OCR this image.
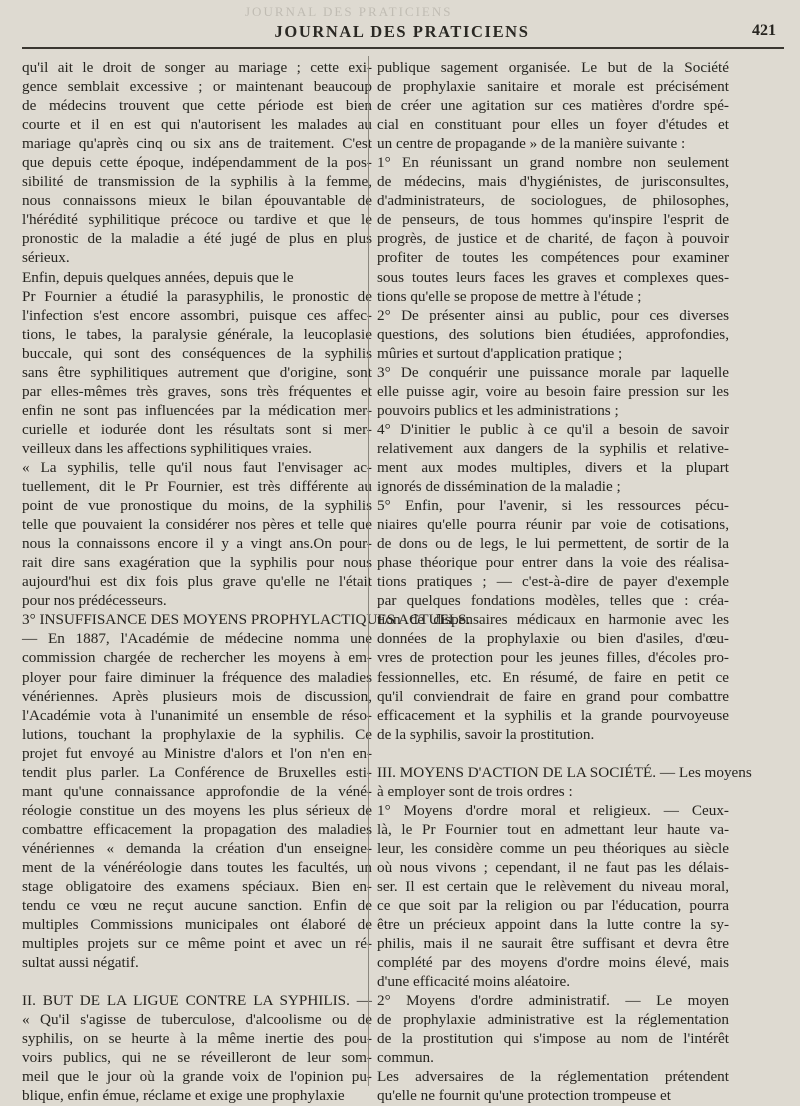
JOURNAL DES PRATICIENS
JOURNAL DES PRATICIENS	421
qu'il ait le droit de songer au mariage ; cette exi-
gence semblait excessive ; or maintenant beaucoup
de médecins trouvent que cette période est bien
courte et il en est qui n'autorisent les malades au
mariage qu'après cinq ou six ans de traitement. C'est
que depuis cette époque, indépendamment de la pos-
sibilité de transmission de la syphilis à la femme,
nous connaissons mieux le bilan épouvantable de
l'hérédité syphilitique précoce ou tardive et que le
pronostic de la maladie a été jugé de plus en plus
sérieux.
Enfin, depuis quelques années, depuis que le
Pr Fournier a étudié la parasyphilis, le pronostic de
l'infection s'est encore assombri, puisque ces affec-
tions, le tabes, la paralysie générale, la leucoplasie
buccale, qui sont des conséquences de la syphilis
sans être syphilitiques autrement que d'origine, sont
par elles-mêmes très graves, sons très fréquentes et
enfin ne sont pas influencées par la médication mer-
curielle et iodurée dont les résultats sont si mer-
veilleux dans les affections syphilitiques vraies.
« La syphilis, telle qu'il nous faut l'envisager ac-
tuellement, dit le Pr Fournier, est très différente au
point de vue pronostique du moins, de la syphilis
telle que pouvaient la considérer nos pères et telle que
nous la connaissons encore il y a vingt ans.On pour-
rait dire sans exagération que la syphilis pour nous
aujourd'hui est dix fois plus grave qu'elle ne l'était
pour nos prédécesseurs.
3° INSUFFISANCE DES MOYENS PROPHYLACTIQUES ACTUELS.
— En 1887, l'Académie de médecine nomma une
commission chargée de rechercher les moyens à em-
ployer pour faire diminuer la fréquence des maladies
vénériennes. Après plusieurs mois de discussion,
l'Académie vota à l'unanimité un ensemble de réso-
lutions, touchant la prophylaxie de la syphilis. Ce
projet fut envoyé au Ministre d'alors et l'on n'en en-
tendit plus parler. La Conférence de Bruxelles esti-
mant qu'une connaissance approfondie de la véné-
réologie constitue un des moyens les plus sérieux de
combattre efficacement la propagation des maladies
vénériennes « demanda la création d'un enseigne-
ment de la vénéréologie dans toutes les facultés, un
stage obligatoire des examens spéciaux. Bien en-
tendu ce vœu ne reçut aucune sanction. Enfin de
multiples Commissions municipales ont élaboré de
multiples projets sur ce même point et avec un ré-
sultat aussi négatif.
II. BUT DE LA LIGUE CONTRE LA SYPHILIS. —
« Qu'il s'agisse de tuberculose, d'alcoolisme ou de
syphilis, on se heurte à la même inertie des pou-
voirs publics, qui ne se réveilleront de leur som-
meil que le jour où la grande voix de l'opinion pu-
blique, enfin émue, réclame et exige une prophylaxie
publique sagement organisée. Le but de la Société
de prophylaxie sanitaire et morale est précisément
de créer une agitation sur ces matières d'ordre spé-
cial en constituant pour elles un foyer d'études et
un centre de propagande » de la manière suivante :
1° En réunissant un grand nombre non seulement
de médecins, mais d'hygiénistes, de jurisconsultes,
d'administrateurs, de sociologues, de philosophes,
de penseurs, de tous hommes qu'inspire l'esprit de
progrès, de justice et de charité, de façon à pouvoir
profiter de toutes les compétences pour examiner
sous toutes leurs faces les graves et complexes ques-
tions qu'elle se propose de mettre à l'étude ;
2° De présenter ainsi au public, pour ces diverses
questions, des solutions bien étudiées, approfondies,
mûries et surtout d'application pratique ;
3° De conquérir une puissance morale par laquelle
elle puisse agir, voire au besoin faire pression sur les
pouvoirs publics et les administrations ;
4° D'initier le public à ce qu'il a besoin de savoir
relativement aux dangers de la syphilis et relative-
ment aux modes multiples, divers et la plupart
ignorés de dissémination de la maladie ;
5° Enfin, pour l'avenir, si les ressources pécu-
niaires qu'elle pourra réunir par voie de cotisations,
de dons ou de legs, le lui permettent, de sortir de la
phase théorique pour entrer dans la voie des réalisa-
tions pratiques ; — c'est-à-dire de payer d'exemple
par quelques fondations modèles, telles que : créa-
tion de dispensaires médicaux en harmonie avec les
données de la prophylaxie ou bien d'asiles, d'œu-
vres de protection pour les jeunes filles, d'écoles pro-
fessionnelles, etc. En résumé, de faire en petit ce
qu'il conviendrait de faire en grand pour combattre
efficacement et la syphilis et la grande pourvoyeuse
de la syphilis, savoir la prostitution.
III. MOYENS D'ACTION DE LA SOCIÉTÉ. — Les moyens
à employer sont de trois ordres :
1° Moyens d'ordre moral et religieux. — Ceux-
là, le Pr Fournier tout en admettant leur haute va-
leur, les considère comme un peu théoriques au siècle
où nous vivons ; cependant, il ne faut pas les délais-
ser. Il est certain que le relèvement du niveau moral,
ce que soit par la religion ou par l'éducation, pourra
être un précieux appoint dans la lutte contre la sy-
philis, mais il ne saurait être suffisant et devra être
complété par des moyens d'ordre moins élevé, mais
d'une efficacité moins aléatoire.
2° Moyens d'ordre administratif. — Le moyen
de prophylaxie administrative est la réglementation
de la prostitution qui s'impose au nom de l'intérêt
commun.
Les adversaires de la réglementation prétendent
qu'elle ne fournit qu'une protection trompeuse et
